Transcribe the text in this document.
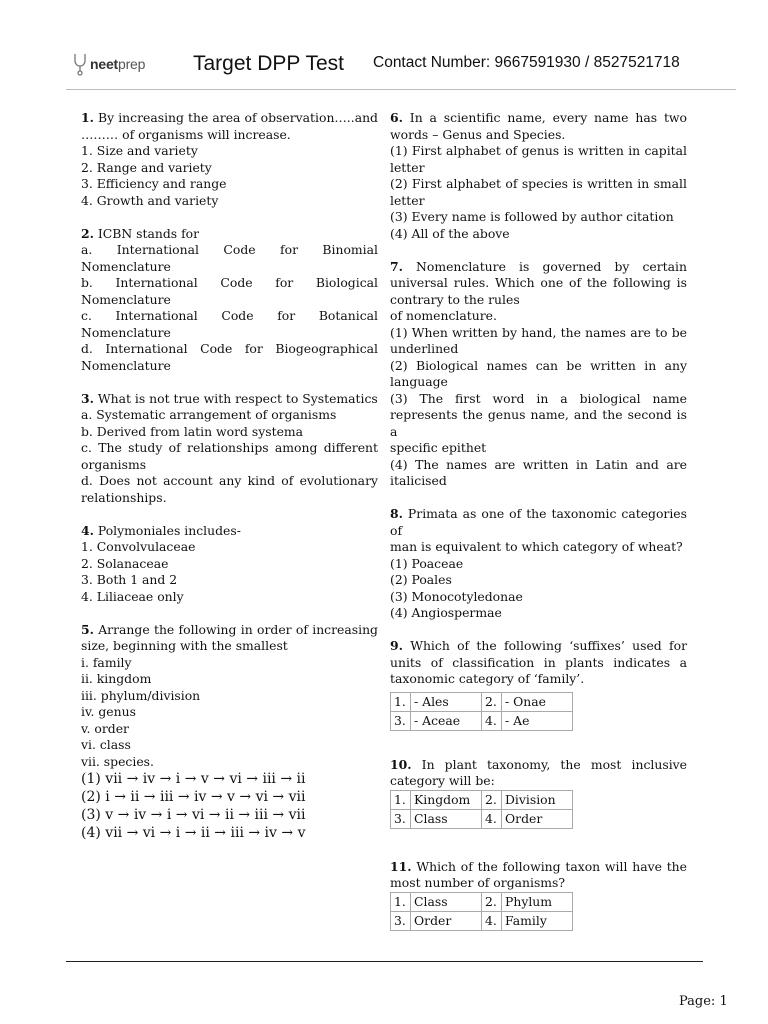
neetprep Target DPP Test Contact Number: 9667591930 / 8527521718
1. By increasing the area of observation…..and
……… of organisms will increase.
1. Size and variety
2. Range and variety
3. Efficiency and range
4. Growth and variety
2. ICBN stands for
a. International Code for Binomial
Nomenclature
b. International Code for Biological
Nomenclature
c. International Code for Botanical
Nomenclature
d. International Code for Biogeographical
Nomenclature
3. What is not true with respect to Systematics
a. Systematic arrangement of organisms
b. Derived from latin word systema
c. The study of relationships among different
organisms
d. Does not account any kind of evolutionary
relationships.
4. Polymoniales includes-
1. Convolvulaceae
2. Solanaceae
3. Both 1 and 2
4. Liliaceae only
5. Arrange the following in order of increasing
size, beginning with the smallest
i. family
ii. kingdom
iii. phylum/division
iv. genus
v. order
vi. class
vii. species.
(1) vii → iv → i → v → vi → iii → ii
(2) i → ii → iii → iv → v → vi → vii
(3) v → iv → i → vi → ii → iii → vii
(4) vii → vi → i → ii → iii → iv → v
6. In a scientific name, every name has two
words – Genus and Species.
(1) First alphabet of genus is written in capital
letter
(2) First alphabet of species is written in small
letter
(3) Every name is followed by author citation
(4) All of the above
7. Nomenclature is governed by certain
universal rules. Which one of the following is
contrary to the rules
of nomenclature.
(1) When written by hand, the names are to be
underlined
(2) Biological names can be written in any
language
(3) The first word in a biological name
represents the genus name, and the second is a
specific epithet
(4) The names are written in Latin and are
italicised
8. Primata as one of the taxonomic categories of
man is equivalent to which category of wheat?
(1) Poaceae
(2) Poales
(3) Monocotyledonae
(4) Angiospermae
9. Which of the following ‘suffixes’ used for
units of classification in plants indicates a
taxonomic category of ‘family’.
1.	- Ales	2.	- Onae
3.	- Aceae	4.	- Ae
10. In plant taxonomy, the most inclusive
category will be:
1.	Kingdom	2.	Division
3.	Class	4.	Order
11. Which of the following taxon will have the
most number of organisms?
1.	Class	2.	Phylum
3.	Order	4.	Family
Page: 1
